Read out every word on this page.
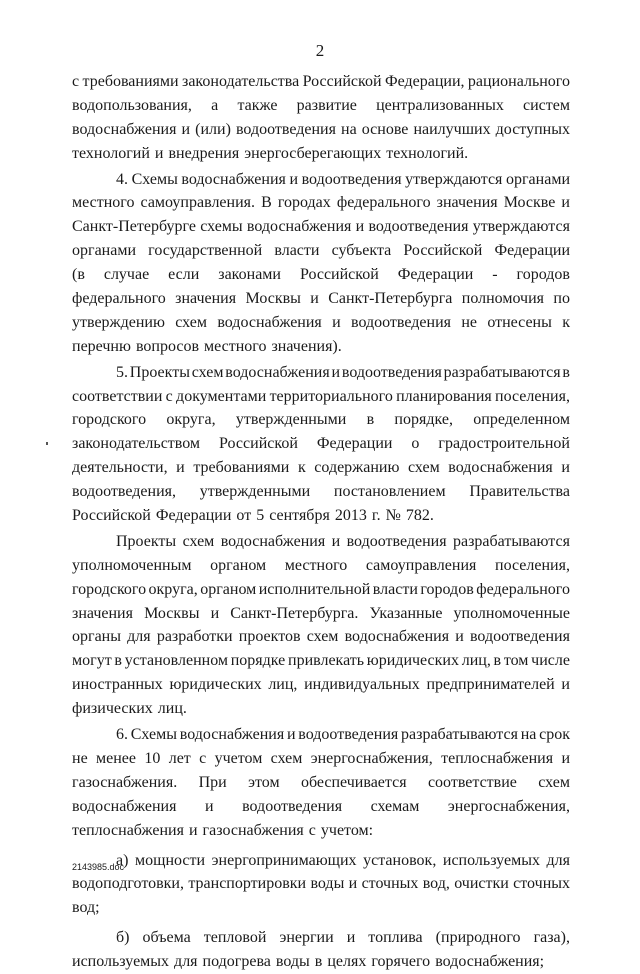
2
с требованиями законодательства Российской Федерации, рационального
водопользования, а также развитие централизованных систем
водоснабжения и (или) водоотведения на основе наилучших доступных
технологий и внедрения энергосберегающих технологий.
4. Схемы водоснабжения и водоотведения утверждаются органами
местного самоуправления. В городах федерального значения Москве и
Санкт-Петербурге схемы водоснабжения и водоотведения утверждаются
органами государственной власти субъекта Российской Федерации
(в случае если законами Российской Федерации - городов
федерального значения Москвы и Санкт-Петербурга полномочия по
утверждению схем водоснабжения и водоотведения не отнесены к
перечню вопросов местного значения).
5. Проекты схем водоснабжения и водоотведения разрабатываются в
соответствии с документами территориального планирования поселения,
городского округа, утвержденными в порядке, определенном
законодательством Российской Федерации о градостроительной
деятельности, и требованиями к содержанию схем водоснабжения и
водоотведения, утвержденными постановлением Правительства
Российской Федерации от 5 сентября 2013 г. № 782.
Проекты схем водоснабжения и водоотведения разрабатываются
уполномоченным органом местного самоуправления поселения,
городского округа, органом исполнительной власти городов федерального
значения Москвы и Санкт-Петербурга. Указанные уполномоченные
органы для разработки проектов схем водоснабжения и водоотведения
могут в установленном порядке привлекать юридических лиц, в том числе
иностранных юридических лиц, индивидуальных предпринимателей и
физических лиц.
6. Схемы водоснабжения и водоотведения разрабатываются на срок
не менее 10 лет с учетом схем энергоснабжения, теплоснабжения и
газоснабжения. При этом обеспечивается соответствие схем
водоснабжения и водоотведения схемам энергоснабжения,
теплоснабжения и газоснабжения с учетом:
а) мощности энергопринимающих установок, используемых для
водоподготовки, транспортировки воды и сточных вод, очистки сточных
вод;
б) объема тепловой энергии и топлива (природного газа),
используемых для подогрева воды в целях горячего водоснабжения;
2143985.doc
